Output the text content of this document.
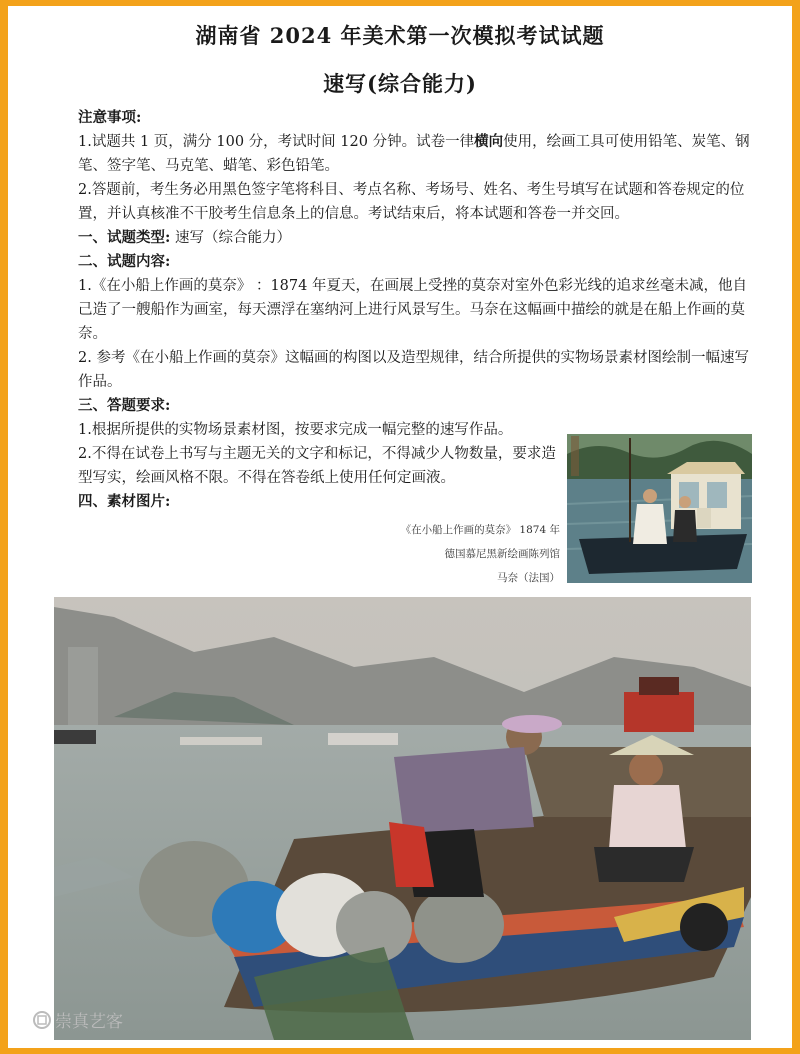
湖南省 2024 年美术第一次模拟考试试题
速写(综合能力)

注意事项:

1.试题共 1 页，满分 100 分，考试时间 120 分钟。试卷一律横向使用，绘画工具可使用铅笔、炭笔、钢笔、签字笔、马克笔、蜡笔、彩色铅笔。

2.答题前，考生务必用黑色签字笔将科目、考点名称、考场号、姓名、考生号填写在试题和答卷规定的位置，并认真核准不干胶考生信息条上的信息。考试结束后，将本试题和答卷一并交回。

一、试题类型: 速写（综合能力）

二、试题内容:

1.《在小船上作画的莫奈》 ：1874 年夏天，在画展上受挫的莫奈对室外色彩光线的追求丝毫未减，他自己造了一艘船作为画室，每天漂浮在塞纳河上进行风景写生。马奈在这幅画中描绘的就是在船上作画的莫奈。

2. 参考《在小船上作画的莫奈》这幅画的构图以及造型规律，结合所提供的实物场景素材图绘制一幅速写作品。

三、答题要求:

1.根据所提供的实物场景素材图，按要求完成一幅完整的速写作品。

2.不得在试卷上书写与主题无关的文字和标记，不得减少人物数量，要求造型写实，绘画风格不限。不得在答卷纸上使用任何定画液。

四、素材图片:

《在小船上作画的莫奈》 1874 年
德国慕尼黑新绘画陈列馆
马奈（法国）
崇真艺客
